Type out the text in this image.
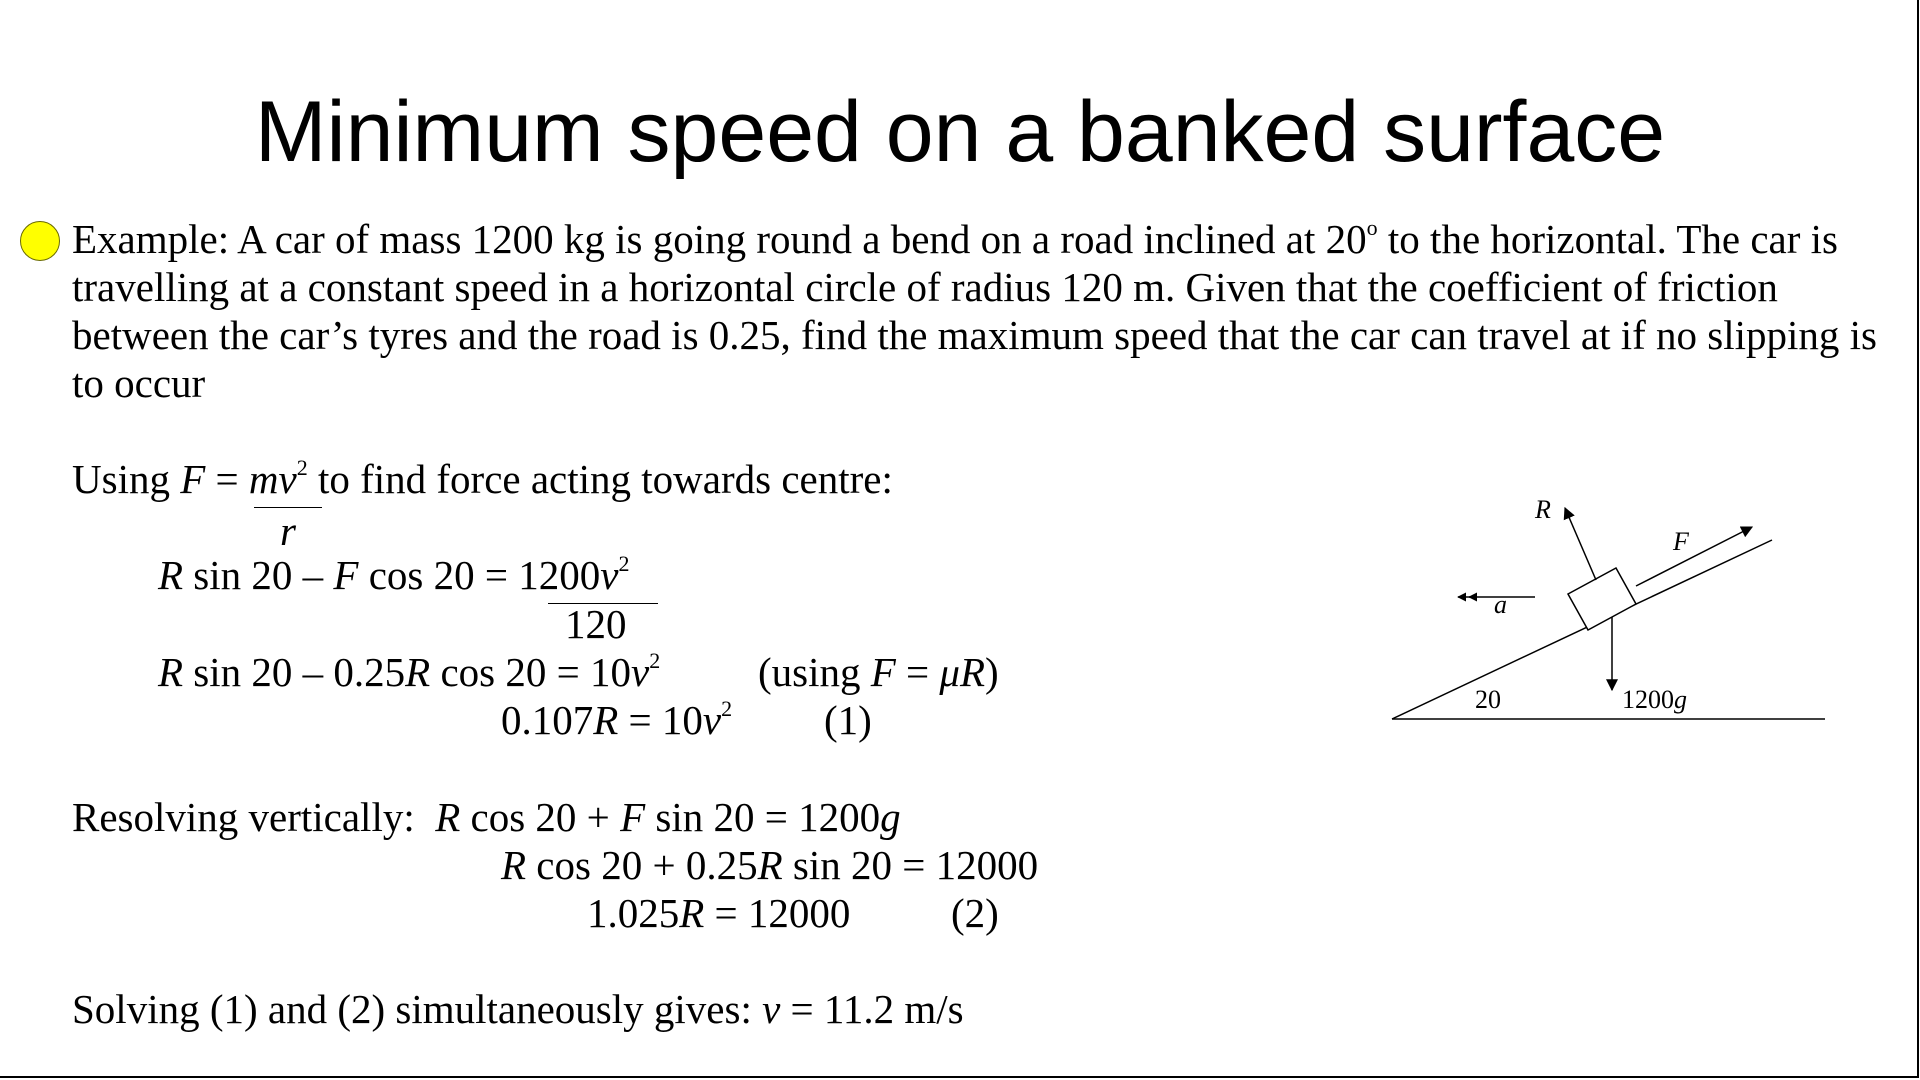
Minimum speed on a banked surface
Example: A car of mass 1200 kg is going round a bend on a road inclined at 20$^o$ to the horizontal. The car is travelling at a constant speed in a horizontal circle of radius 120 m. Given that the coefficient of friction between the car’s tyres and the road is 0.25, find the maximum speed that the car can travel at if no slipping is to occur
Using $F = mv^2$ to find force acting towards centre:
r
R sin 20 – F $\cos 20 = 1200v^2$
120
R sin 20 – 0.25R $\cos 20 = 10v^2$ (using F = μR)
$0.107R = 10v^2$ (1)
Resolving vertically:  R cos 20 + F sin 20 = 1200g
R cos 20 + 0.25R sin 20 = 12000
1.025R = 12000 (2)
Solving (1) and (2) simultaneously gives: v = 11.2 m/s
R
F
a
20	1200g
